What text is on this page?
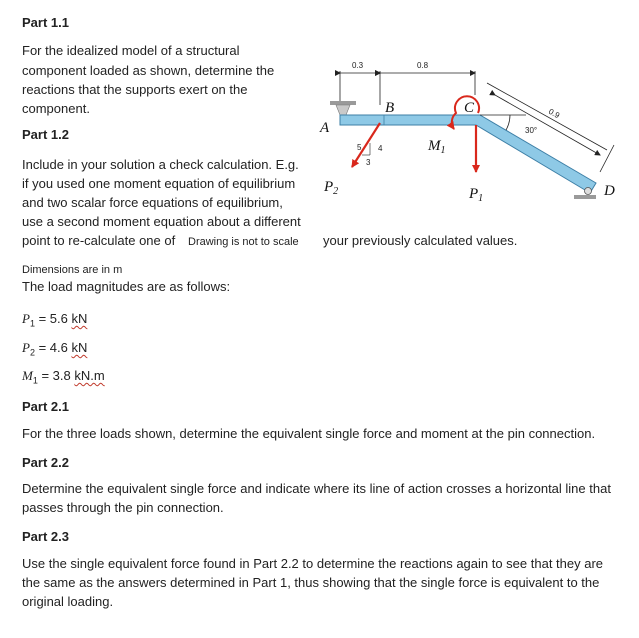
Part 1.1
For the idealized model of a structural
component loaded as shown, determine the
reactions that the supports exert on the
component.
Part 1.2
Include in your solution a check calculation. E.g.
if you used one moment equation of equilibrium
and two scalar force equations of equilibrium,
use a second moment equation about a different
point to re-calculate one of Drawing is not to scale your previously calculated values.
0.3	0.8
0.9
30°
5 4
3
A
B	C
D
$M_1$
$P_1$
$P_2$
Dimensions are in m
The load magnitudes are as follows:
$P_1 = 5.6$ kN
$P_2 = 4.6$ kN
$M_1 = 3.8$ kN.m
Part 2.1
For the three loads shown, determine the equivalent single force and moment at the pin connection.
Part 2.2
Determine the equivalent single force and indicate where its line of action crosses a horizontal line that
passes through the pin connection.
Part 2.3
Use the single equivalent force found in Part 2.2 to determine the reactions again to see that they are
the same as the answers determined in Part 1, thus showing that the single force is equivalent to the
original loading.
